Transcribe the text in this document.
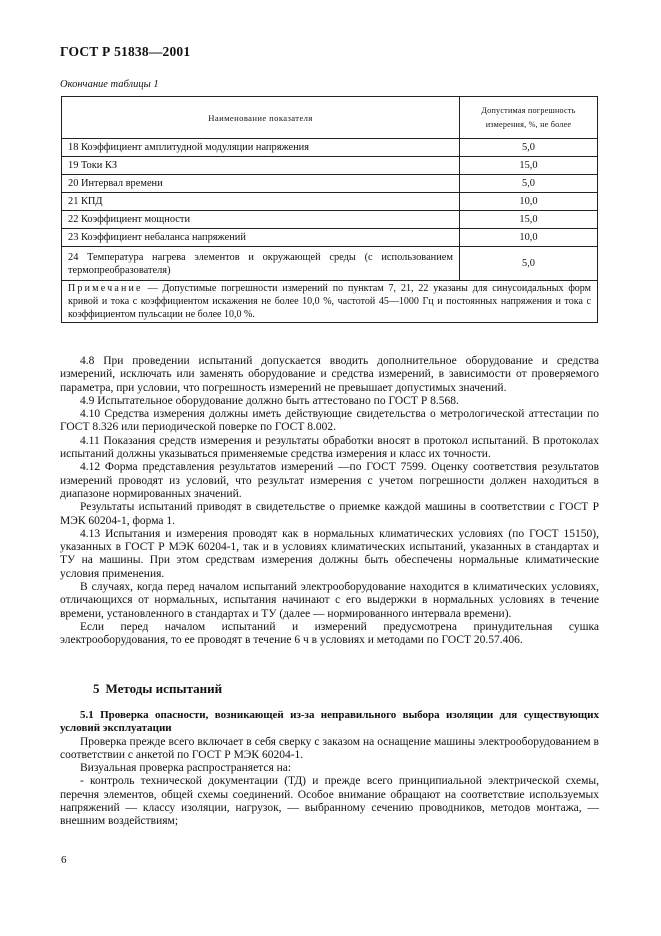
ГОСТ Р 51838—2001
Окончание таблицы 1
Наименование показателя	Допустимая погрешность
измерения, %, не более
18 Коэффициент амплитудной модуляции напряжения	5,0
19 Токи КЗ	15,0
20 Интервал времени	5,0
21 КПД	10,0
22 Коэффициент мощности	15,0
23 Коэффициент небаланса напряжений	10,0
24 Температура нагрева элементов и окружающей среды (с использованием термопреобразователя)	5,0
Примечание — Допустимые погрешности измерений по пунктам 7, 21, 22 указаны для синусоидальных форм кривой и тока с коэффициентом искажения не более 10,0 %, частотой 45—1000 Гц и постоянных напряжения и тока с коэффициентом пульсации не более 10,0 %.	

4.8 При проведении испытаний допускается вводить дополнительное оборудование и средства измерений, исключать или заменять оборудование и средства измерений, в зависимости от проверяемого параметра, при условии, что погрешность измерений не превышает допустимых значений.

4.9 Испытательное оборудование должно быть аттестовано по ГОСТ Р 8.568.

4.10 Средства измерения должны иметь действующие свидетельства о метрологической аттестации по ГОСТ 8.326 или периодической поверке по ГОСТ 8.002.

4.11 Показания средств измерения и результаты обработки вносят в протокол испытаний. В протоколах испытаний должны указываться применяемые средства измерения и класс их точности.

4.12 Форма представления результатов измерений —по ГОСТ 7599. Оценку соответствия результатов измерений проводят из условий, что результат измерения с учетом погрешности должен находиться в диапазоне нормированных значений.

Результаты испытаний приводят в свидетельстве о приемке каждой машины в соответствии с ГОСТ Р МЭК 60204-1, форма 1.

4.13 Испытания и измерения проводят как в нормальных климатических условиях (по ГОСТ 15150), указанных в ГОСТ Р МЭК 60204-1, так и в условиях климатических испытаний, указанных в стандартах и ТУ на машины. При этом средствам измерения должны быть обеспечены нормальные климатические условия применения.

В случаях, когда перед началом испытаний электрооборудование находится в климатических условиях, отличающихся от нормальных, испытания начинают с его выдержки в нормальных условиях в течение времени, установленного в стандартах и ТУ (далее — нормированного интервала времени).

Если перед началом испытаний и измерений предусмотрена принудительная сушка электрооборудования, то ее проводят в течение 6 ч в условиях и методами по ГОСТ 20.57.406.

5 Методы испытаний

5.1 Проверка опасности, возникающей из-за неправильного выбора изоляции для существующих условий эксплуатации

Проверка прежде всего включает в себя сверку с заказом на оснащение машины электрооборудованием в соответствии с анкетой по ГОСТ Р МЭК 60204-1.

Визуальная проверка распространяется на:

- контроль технической документации (ТД) и прежде всего принципиальной электрической схемы, перечня элементов, общей схемы соединений. Особое внимание обращают на соответствие используемых напряжений — классу изоляции, нагрузок, — выбранному сечению проводников, методов монтажа, — внешним воздействиям;

6
